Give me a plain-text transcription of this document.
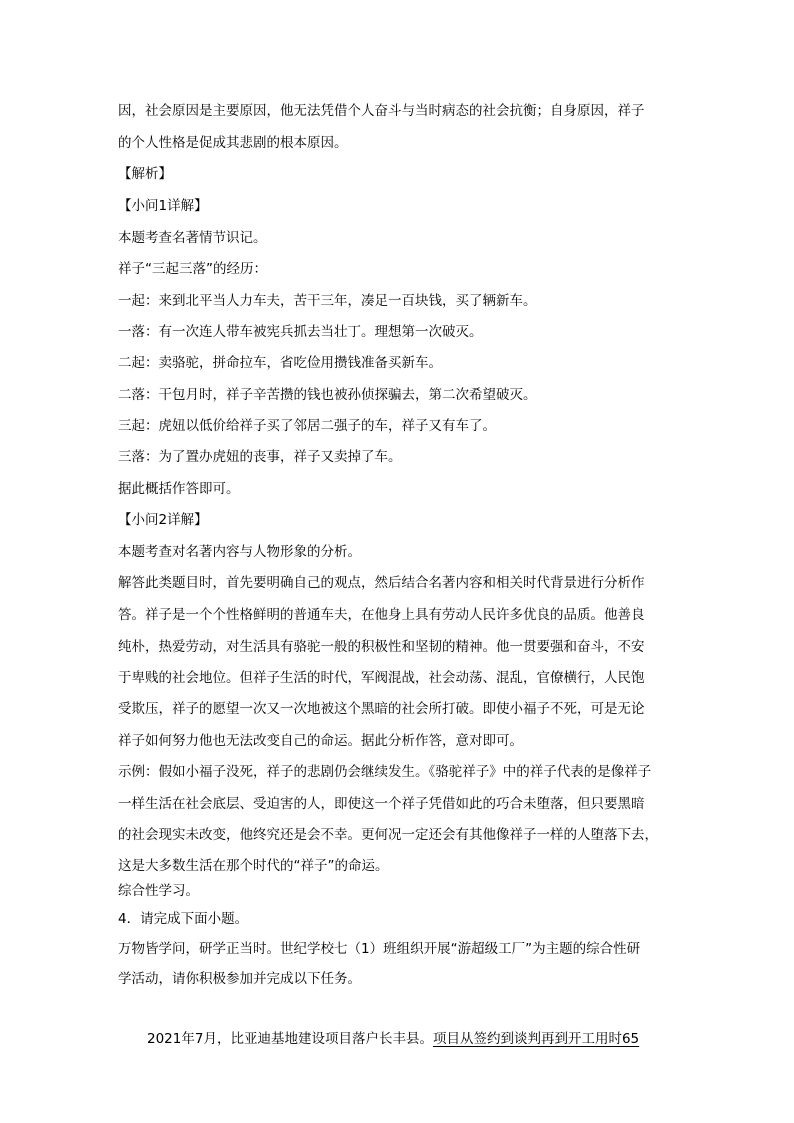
因，社会原因是主要原因，他无法凭借个人奋斗与当时病态的社会抗衡；自身原因，祥子

的个人性格是促成其悲剧的根本原因。

【解析】

【小问1详解】

本题考查名著情节识记。

祥子“三起三落”的经历：

一起：来到北平当人力车夫，苦干三年，凑足一百块钱，买了辆新车。

一落：有一次连人带车被宪兵抓去当壮丁。理想第一次破灭。

二起：卖骆驼，拼命拉车，省吃俭用攒钱准备买新车。

二落：干包月时，祥子辛苦攒的钱也被孙侦探骗去，第二次希望破灭。

三起：虎妞以低价给祥子买了邻居二强子的车，祥子又有车了。

三落：为了置办虎妞的丧事，祥子又卖掉了车。

据此概括作答即可。

【小问2详解】

本题考查对名著内容与人物形象的分析。

解答此类题目时，首先要明确自己的观点，然后结合名著内容和相关时代背景进行分析作

答。祥子是一个个性格鲜明的普通车夫，在他身上具有劳动人民许多优良的品质。他善良

纯朴，热爱劳动，对生活具有骆驼一般的积极性和坚韧的精神。他一贯要强和奋斗，不安

于卑贱的社会地位。但祥子生活的时代，军阀混战，社会动荡、混乱，官僚横行，人民饱

受欺压，祥子的愿望一次又一次地被这个黑暗的社会所打破。即使小福子不死，可是无论

祥子如何努力他也无法改变自己的命运。据此分析作答，意对即可。

示例：假如小福子没死，祥子的悲剧仍会继续发生。《骆驼祥子》中的祥子代表的是像祥子

一样生活在社会底层、受迫害的人，即使这一个祥子凭借如此的巧合未堕落，但只要黑暗

的社会现实未改变，他终究还是会不幸。更何况一定还会有其他像祥子一样的人堕落下去，

这是大多数生活在那个时代的“祥子”的命运。

综合性学习。

4．请完成下面小题。

万物皆学问，研学正当时。世纪学校七（1）班组织开展“游超级工厂”为主题的综合性研

学活动，请你积极参加并完成以下任务。

2021年7月，比亚迪基地建设项目落户长丰县。项目从签约到谈判再到开工用时65
